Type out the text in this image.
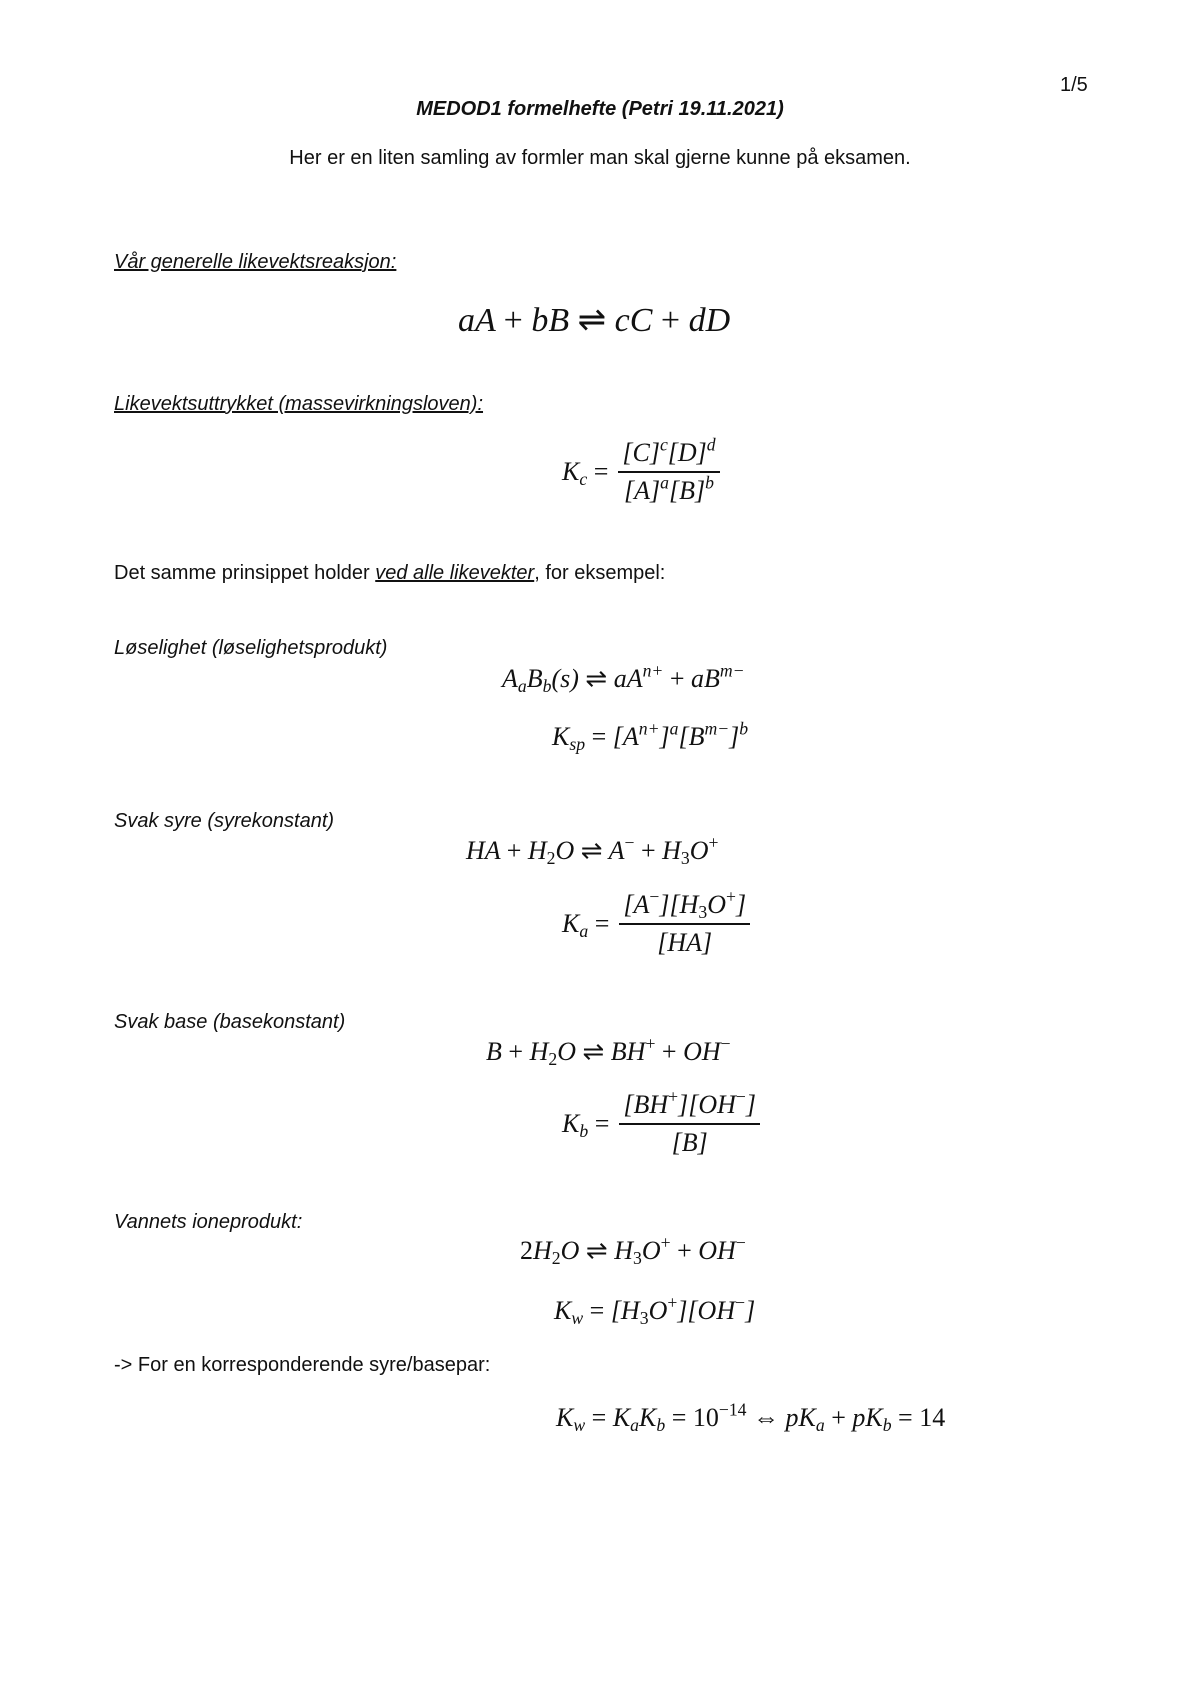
1/5
MEDOD1 formelhefte (Petri 19.11.2021)
Her er en liten samling av formler man skal gjerne kunne på eksamen.
Vår generelle likevektsreaksjon:
aA + bB ⇌ cC + dD
Likevektsuttrykket (massevirkningsloven):
$K_c = \frac{[C]^c[D]^d}{[A]^a[B]^b}$
Det samme prinsippet holder ved alle likevekter, for eksempel:
Løselighet (løselighetsprodukt)
$A_aB_b(s)$ ⇌ $aA^{n+} + aB^{m-}$
$K_{sp} = [A^{n+}]^a[B^{m-}]^b$
Svak syre (syrekonstant)
HA + $H_2O$ ⇌ $A^- + H_3O^+$
$K_a = \frac{[A^-][H_3O^+]}{[HA]}$
Svak base (basekonstant)
$B + H_2O$ ⇌ BH+ + OH−
$K_b = \frac{[BH^+][OH^-]}{[B]}$
Vannets ioneprodukt:
$2H_2O$ ⇌ $H_3O^+ + OH^-$
$K_w = [H_3O^+][OH^-]$
-> For en korresponderende syre/basepar:
$K_w = K_aK_b = 10^{-14}$ ⇔ $pK_a + pK_b = 14$
